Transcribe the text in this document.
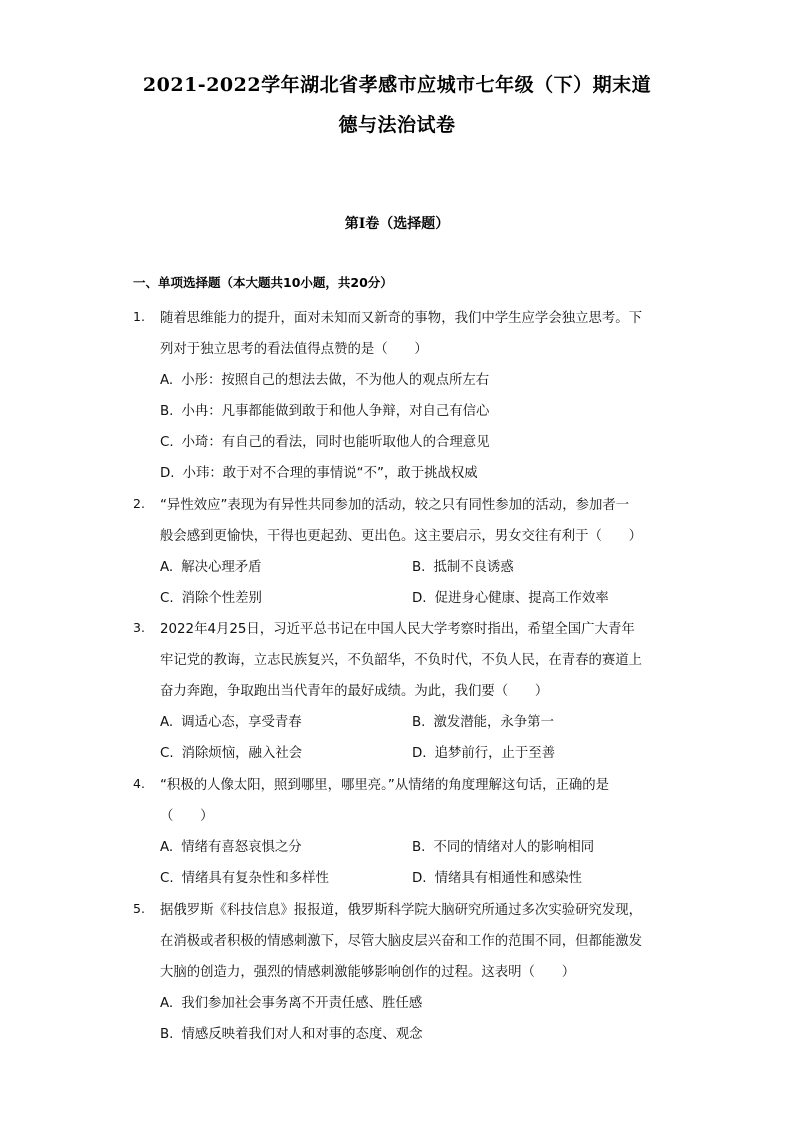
2021-2022学年湖北省孝感市应城市七年级（下）期末道
德与法治试卷
第I卷（选择题）
一、单项选择题（本大题共10小题，共20分）
1. 随着思维能力的提升，面对未知而又新奇的事物，我们中学生应学会独立思考。下
列对于独立思考的看法值得点赞的是（　　）
A. 小彤：按照自己的想法去做，不为他人的观点所左右
B. 小冉：凡事都能做到敢于和他人争辩，对自己有信心
C. 小琦：有自己的看法，同时也能听取他人的合理意见
D. 小玮：敢于对不合理的事情说“不”，敢于挑战权威
2. “异性效应”表现为有异性共同参加的活动，较之只有同性参加的活动，参加者一
般会感到更愉快，干得也更起劲、更出色。这主要启示，男女交往有利于（　　）
A. 解决心理矛盾	B. 抵制不良诱惑
C. 消除个性差别	D. 促进身心健康、提高工作效率
3. 2022年4月25日，习近平总书记在中国人民大学考察时指出，希望全国广大青年
牢记党的教诲，立志民族复兴，不负韶华，不负时代，不负人民，在青春的赛道上
奋力奔跑，争取跑出当代青年的最好成绩。为此，我们要（　　）
A. 调适心态，享受青春	B. 激发潜能，永争第一
C. 消除烦恼，融入社会	D. 追梦前行，止于至善
4. “积极的人像太阳，照到哪里，哪里亮。”从情绪的角度理解这句话，正确的是
（　　）
A. 情绪有喜怒哀惧之分	B. 不同的情绪对人的影响相同
C. 情绪具有复杂性和多样性	D. 情绪具有相通性和感染性
5. 据俄罗斯《科技信息》报报道，俄罗斯科学院大脑研究所通过多次实验研究发现，
在消极或者积极的情感刺激下，尽管大脑皮层兴奋和工作的范围不同，但都能激发
大脑的创造力，强烈的情感刺激能够影响创作的过程。这表明（　　）
A. 我们参加社会事务离不开责任感、胜任感
B. 情感反映着我们对人和对事的态度、观念
